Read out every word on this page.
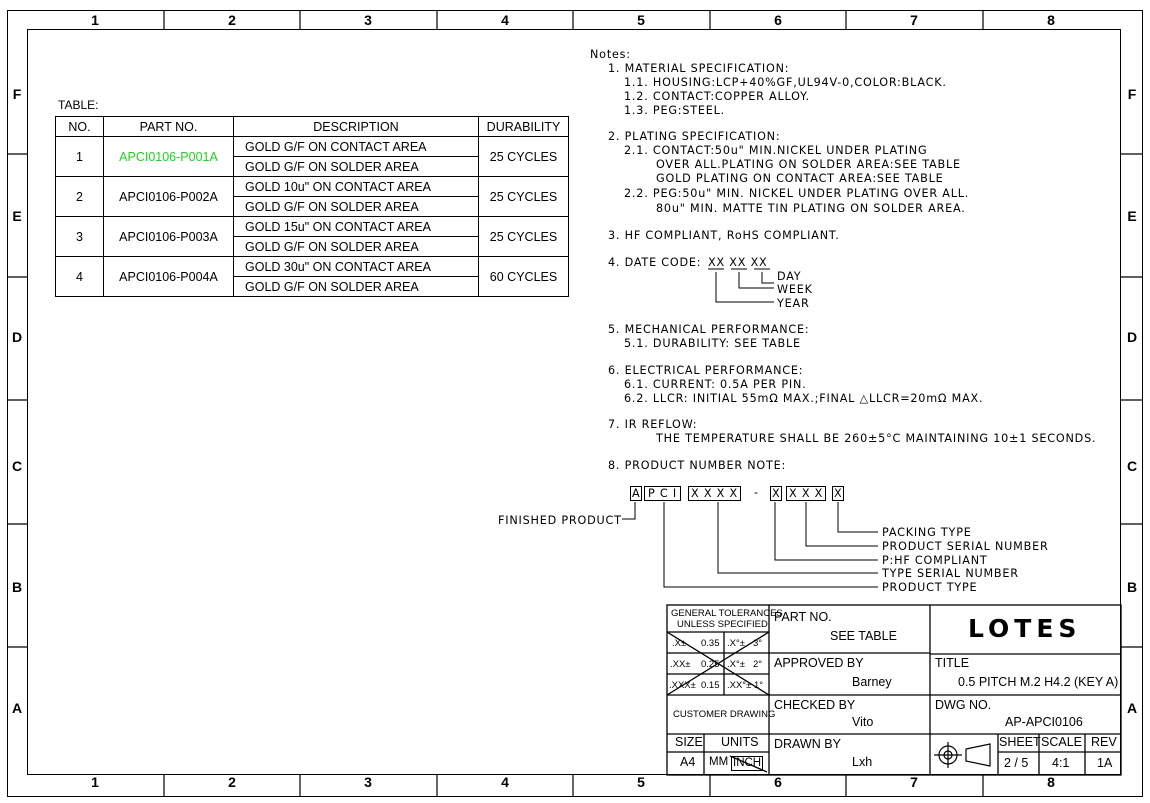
1	2	3	4	5	6	7	8
1	2	3	4	5	6	7	8
F
E
D
C
B
A
F
E
D
C
B
A
TABLE:
NO.	PART NO.	DESCRIPTION	DURABILITY
1	APCI0106-P001A	GOLD G/F ON CONTACT AREA	25 CYCLES
		GOLD G/F ON SOLDER AREA	
2	APCI0106-P002A	GOLD 10u" ON CONTACT AREA	25 CYCLES
		GOLD G/F ON SOLDER AREA	
3	APCI0106-P003A	GOLD 15u" ON CONTACT AREA	25 CYCLES
		GOLD G/F ON SOLDER AREA	
4	APCI0106-P004A	GOLD 30u" ON CONTACT AREA	60 CYCLES
		GOLD G/F ON SOLDER AREA	
Notes:
1. MATERIAL SPECIFICATION:
1.1. HOUSING:LCP+40%GF,UL94V-0,COLOR:BLACK.
1.2. CONTACT:COPPER ALLOY.
1.3. PEG:STEEL.
2. PLATING SPECIFICATION:
2.1. CONTACT:50u" MIN.NICKEL UNDER PLATING
OVER ALL.PLATING ON SOLDER AREA:SEE TABLE
GOLD PLATING ON CONTACT AREA:SEE TABLE
2.2. PEG:50u" MIN. NICKEL UNDER PLATING OVER ALL.
80u" MIN. MATTE TIN PLATING ON SOLDER AREA.
3. HF COMPLIANT, RoHS COMPLIANT.
4. DATE CODE: XX XX XX
DAY
WEEK
YEAR
5. MECHANICAL PERFORMANCE:
5.1. DURABILITY: SEE TABLE
6. ELECTRICAL PERFORMANCE:
6.1. CURRENT: 0.5A PER PIN.
6.2. LLCR: INITIAL 55mΩ MAX.;FINAL △LLCR=20mΩ MAX.
7. IR REFLOW:
THE TEMPERATURE SHALL BE 260±5°C MAINTAINING 10±1 SECONDS.
8. PRODUCT NUMBER NOTE:
A P C I	X X X X - X X X X X
FINISHED PRODUCT
PACKING TYPE
PRODUCT SERIAL NUMBER
P:HF COMPLIANT
TYPE SERIAL NUMBER
PRODUCT TYPE
GENERAL TOLERANCES
UNLESS SPECIFIED
.X± 0.35 .X°± 3°
.XX± 0.25 .X°± 2°
.XXX± 0.15 .XX°± 1°
CUSTOMER DRAWING
SIZE
A4
UNITS
MM INCH
PART NO.
SEE TABLE
APPROVED BY
Barney
CHECKED BY
Vito
DRAWN BY
Lxh
LOTES
TITLE
0.5 PITCH M.2 H4.2 (KEY A)
DWG NO.
AP-APCI0106
SHEET
2 / 5
SCALE
4:1
REV
1A
